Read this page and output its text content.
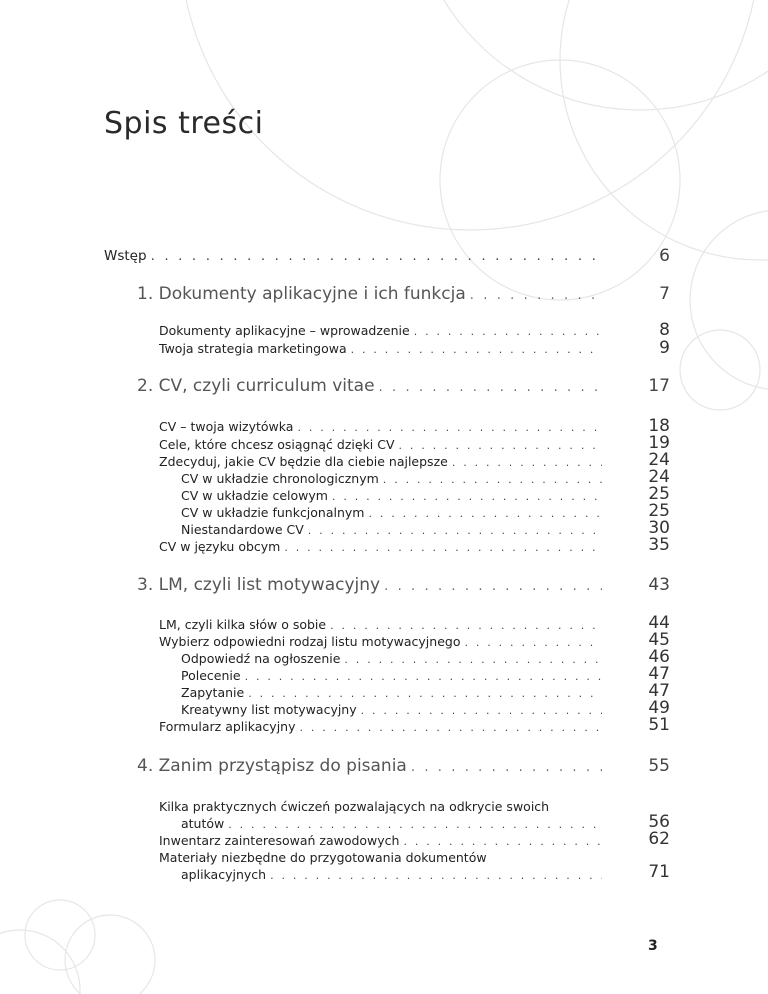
Spis treści
Wstęp . . .	6
1. Dokumenty aplikacyjne i ich funkcja . . .	7
Dokumenty aplikacyjne – wprowadzenie . . .	8
Twoja strategia marketingowa . . .	9
2. CV, czyli curriculum vitae . . .	17
CV – twoja wizytówka . . .	18
Cele, które chcesz osiągnąć dzięki CV . . .	19
Zdecyduj, jakie CV będzie dla ciebie najlepsze . . .	24
CV w układzie chronologicznym . . .	24
CV w układzie celowym . . .	25
CV w układzie funkcjonalnym . . .	25
Niestandardowe CV . . .	30
CV w języku obcym . . .	35
3. LM, czyli list motywacyjny . . .	43
LM, czyli kilka słów o sobie . . .	44
Wybierz odpowiedni rodzaj listu motywacyjnego . . .	45
Odpowiedź na ogłoszenie . . .	46
Polecenie . . .	47
Zapytanie . . .	47
Kreatywny list motywacyjny . . .	49
Formularz aplikacyjny . . .	51
4. Zanim przystąpisz do pisania . . .	55
Kilka praktycznych ćwiczeń pozwalających na odkrycie swoich
atutów . . .	56
Inwentarz zainteresowań zawodowych . . .	62
Materiały niezbędne do przygotowania dokumentów
aplikacyjnych . . .	71
3
